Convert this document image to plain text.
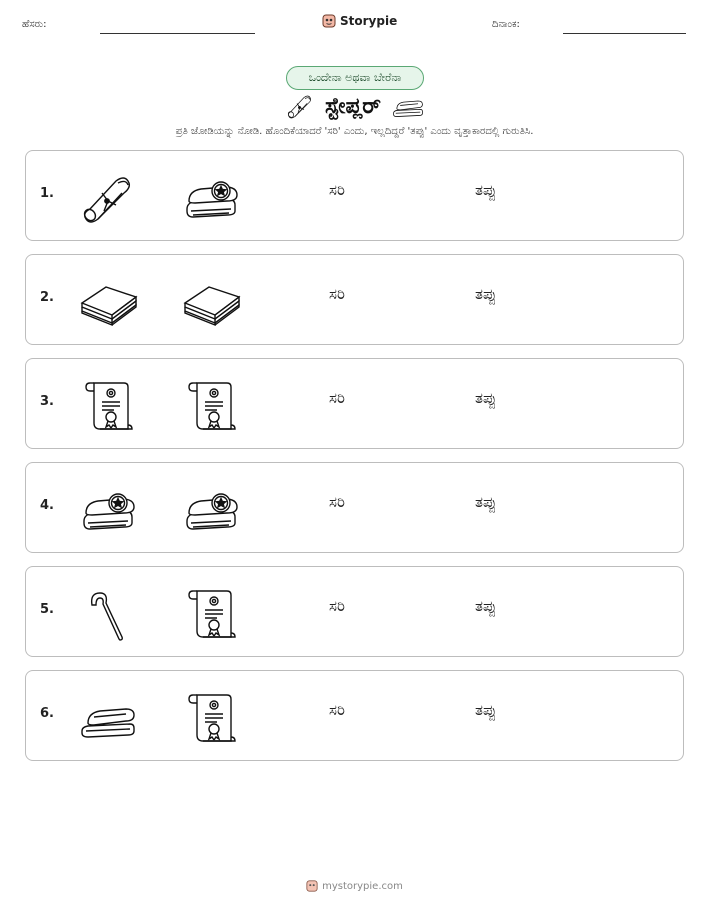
ಹೆಸರು:	Storypie	ದಿನಾಂಕ:
ಒಂದೇನಾ ಅಥವಾ ಬೇರೆನಾ
ಸ್ಟೇಪ್ಲರ್
ಪ್ರತಿ ಜೋಡಿಯನ್ನು ನೋಡಿ. ಹೊಂದಿಕೆಯಾದರೆ 'ಸರಿ' ಎಂದು, ಇಲ್ಲದಿದ್ದರೆ 'ತಪ್ಪು' ಎಂದು ವೃತ್ತಾಕಾರದಲ್ಲಿ ಗುರುತಿಸಿ.
1.	ಸರಿ	ತಪ್ಪು
2.	ಸರಿ	ತಪ್ಪು
3.	ಸರಿ	ತಪ್ಪು
4.	ಸರಿ	ತಪ್ಪು
5.	ಸರಿ	ತಪ್ಪು
6.	ಸರಿ	ತಪ್ಪು
mystorypie.com
